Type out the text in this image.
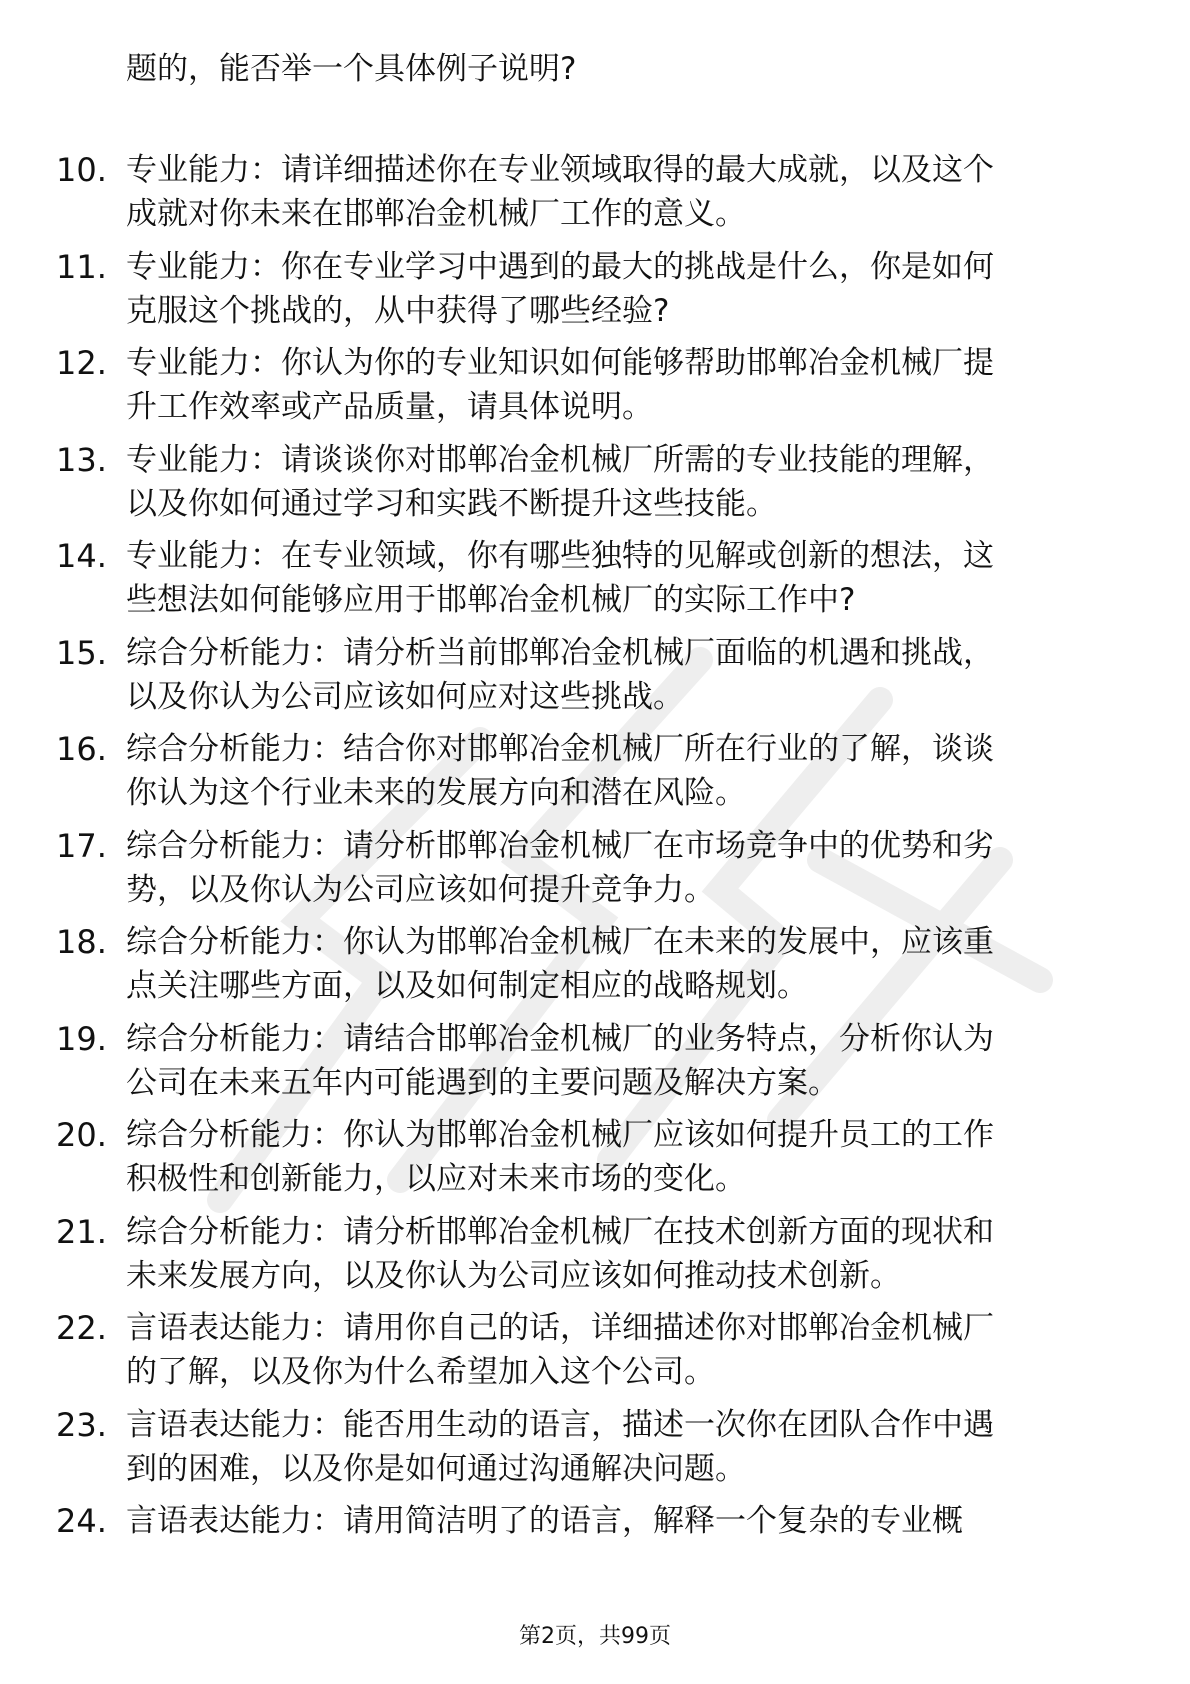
题的，能否举一个具体例子说明?
10. 专业能力：请详细描述你在专业领域取得的最大成就，以及这个
成就对你未来在邯郸冶金机械厂工作的意义。
11. 专业能力：你在专业学习中遇到的最大的挑战是什么，你是如何
克服这个挑战的，从中获得了哪些经验?
12. 专业能力：你认为你的专业知识如何能够帮助邯郸冶金机械厂提
升工作效率或产品质量，请具体说明。
13. 专业能力：请谈谈你对邯郸冶金机械厂所需的专业技能的理解，
以及你如何通过学习和实践不断提升这些技能。
14. 专业能力：在专业领域，你有哪些独特的见解或创新的想法，这
些想法如何能够应用于邯郸冶金机械厂的实际工作中?
15. 综合分析能力：请分析当前邯郸冶金机械厂面临的机遇和挑战，
以及你认为公司应该如何应对这些挑战。
16. 综合分析能力：结合你对邯郸冶金机械厂所在行业的了解，谈谈
你认为这个行业未来的发展方向和潜在风险。
17. 综合分析能力：请分析邯郸冶金机械厂在市场竞争中的优势和劣
势，以及你认为公司应该如何提升竞争力。
18. 综合分析能力：你认为邯郸冶金机械厂在未来的发展中，应该重
点关注哪些方面，以及如何制定相应的战略规划。
19. 综合分析能力：请结合邯郸冶金机械厂的业务特点，分析你认为
公司在未来五年内可能遇到的主要问题及解决方案。
20. 综合分析能力：你认为邯郸冶金机械厂应该如何提升员工的工作
积极性和创新能力，以应对未来市场的变化。
21. 综合分析能力：请分析邯郸冶金机械厂在技术创新方面的现状和
未来发展方向，以及你认为公司应该如何推动技术创新。
22. 言语表达能力：请用你自己的话，详细描述你对邯郸冶金机械厂
的了解，以及你为什么希望加入这个公司。
23. 言语表达能力：能否用生动的语言，描述一次你在团队合作中遇
到的困难，以及你是如何通过沟通解决问题。
24. 言语表达能力：请用简洁明了的语言，解释一个复杂的专业概
第2页，共99页
